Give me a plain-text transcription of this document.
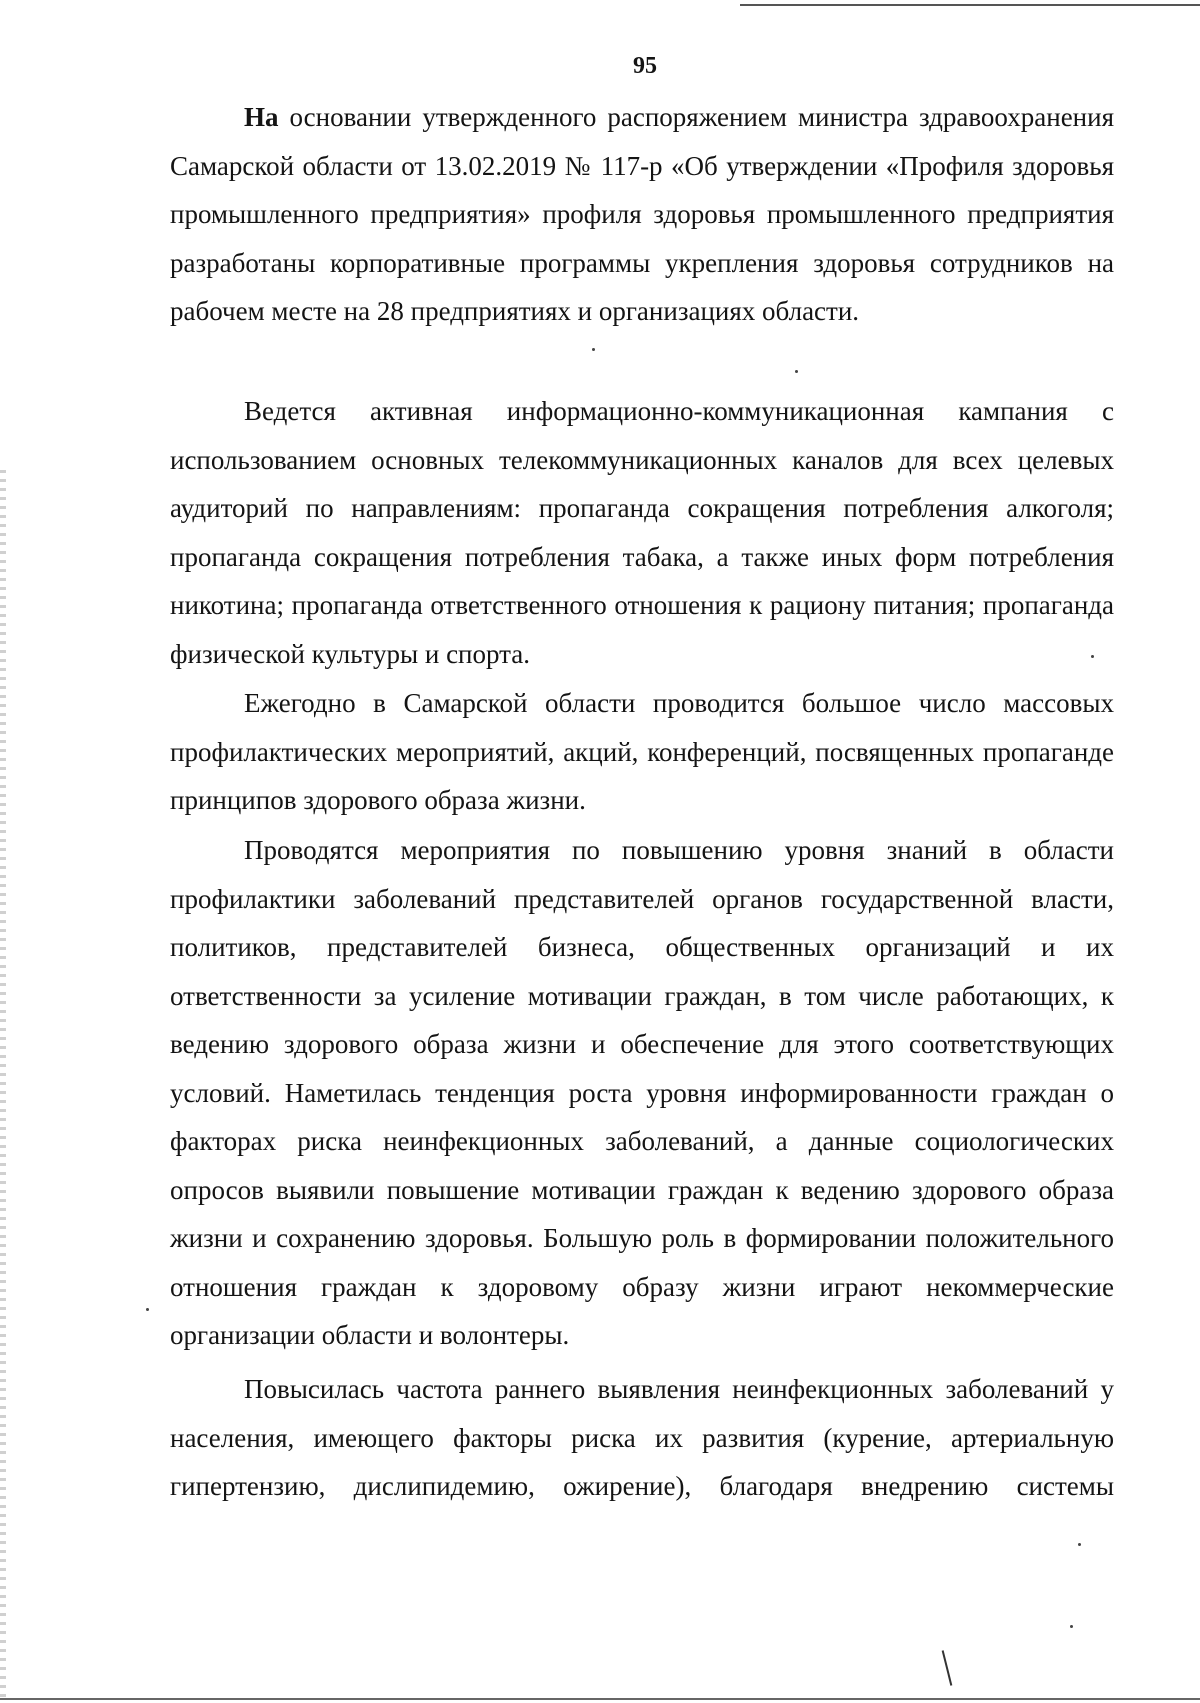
95

На основании утвержденного распоряжением министра здравоохранения Самарской области от 13.02.2019 № 117-р «Об утверждении «Профиля здоровья промышленного предприятия» профиля здоровья промышленного предприятия разработаны корпоративные программы укрепления здоровья сотрудников на рабочем месте на 28 предприятиях и организациях области.

Ведется активная информационно-коммуникационная кампания с использованием основных телекоммуникационных каналов для всех целевых аудиторий по направлениям: пропаганда сокращения потребления алкоголя; пропаганда сокращения потребления табака, а также иных форм потребления никотина; пропаганда ответственного отношения к рациону питания; пропаганда физической культуры и спорта.

Ежегодно в Самарской области проводится большое число массовых профилактических мероприятий, акций, конференций, посвященных пропаганде принципов здорового образа жизни.

Проводятся мероприятия по повышению уровня знаний в области профилактики заболеваний представителей органов государственной власти, политиков, представителей бизнеса, общественных организаций и их ответственности за усиление мотивации граждан, в том числе работающих, к ведению здорового образа жизни и обеспечение для этого соответствующих условий. Наметилась тенденция роста уровня информированности граждан о факторах риска неинфекционных заболеваний, а данные социологических опросов выявили повышение мотивации граждан к ведению здорового образа жизни и сохранению здоровья. Большую роль в формировании положительного отношения граждан к здоровому образу жизни играют некоммерческие организации области и волонтеры.

Повысилась частота раннего выявления неинфекционных заболеваний у населения, имеющего факторы риска их развития (курение, артериальную гипертензию, дислипидемию, ожирение), благодаря внедрению системы
